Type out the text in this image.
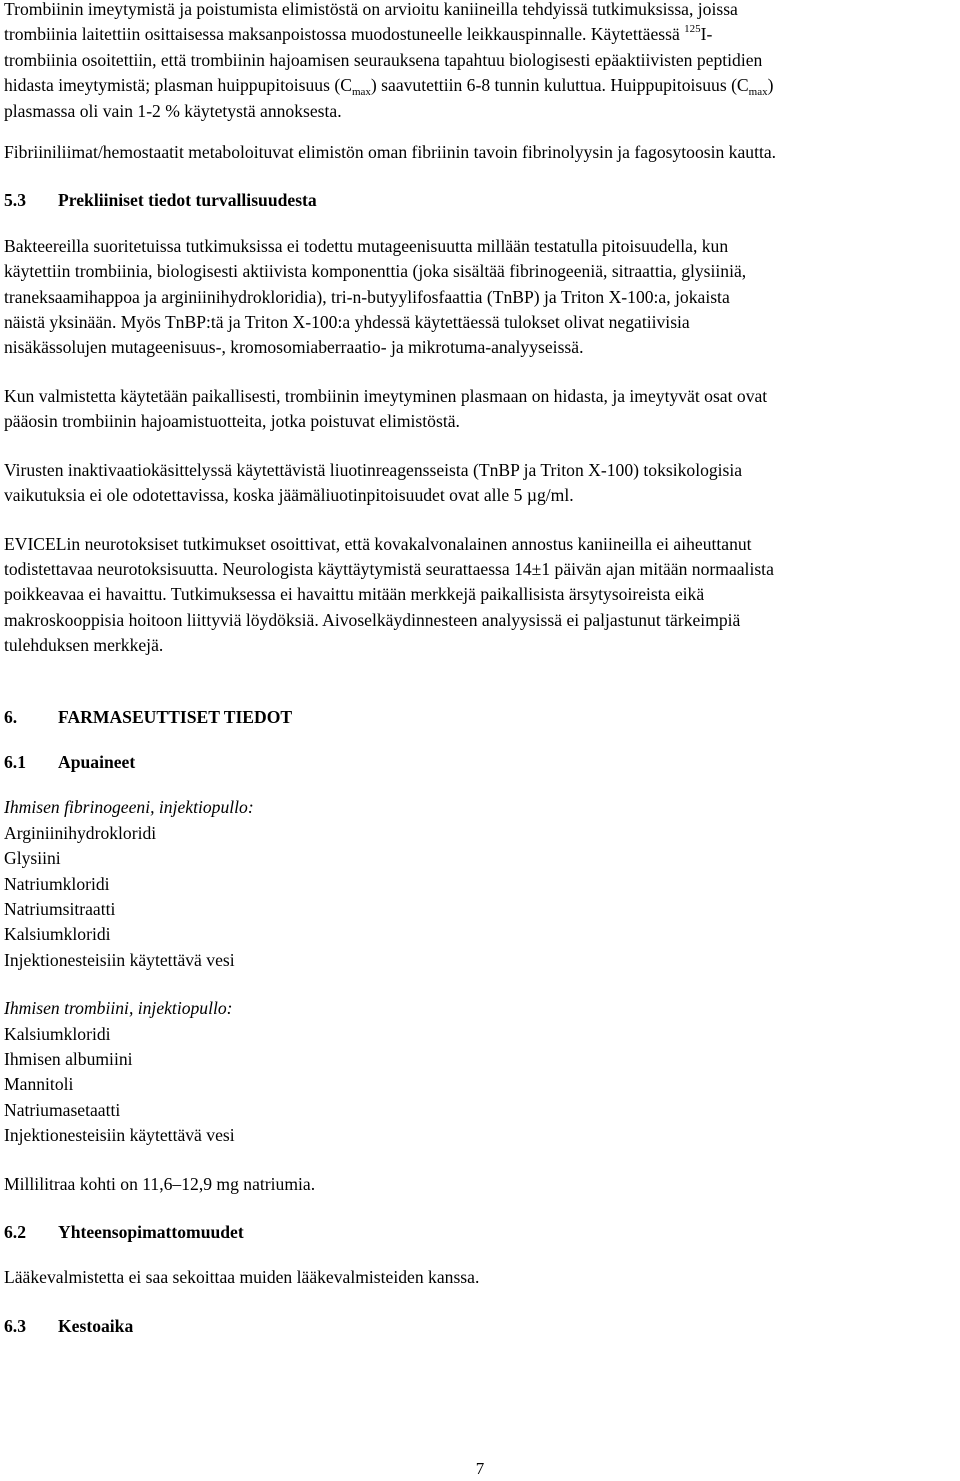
Trombiinin imeytymistä ja poistumista elimistöstä on arvioitu kaniineilla tehdyissä tutkimuksissa, joissa

trombiinia laitettiin osittaisessa maksanpoistossa muodostuneelle leikkauspinnalle. Käytettäessä $^{125}$I-

trombiinia osoitettiin, että trombiinin hajoamisen seurauksena tapahtuu biologisesti epäaktiivisten peptidien

hidasta imeytymistä; plasman huippupitoisuus $(C_{max})$ saavutettiin 6-8 tunnin kuluttua. Huippupitoisuus $(C_{max})$

plasmassa oli vain 1-2 % käytetystä annoksesta.

Fibriiniliimat/hemostaatit metaboloituvat elimistön oman fibriinin tavoin fibrinolyysin ja fagosytoosin kautta.

5.3	Prekliiniset tiedot turvallisuudesta

Bakteereilla suoritetuissa tutkimuksissa ei todettu mutageenisuutta millään testatulla pitoisuudella, kun
käytettiin trombiinia, biologisesti aktiivista komponenttia (joka sisältää fibrinogeeniä, sitraattia, glysiiniä,
traneksaamihappoa ja arginiinihydrokloridia), tri-n-butyylifosfaattia (TnBP) ja Triton X-100:a, jokaista
näistä yksinään. Myös TnBP:tä ja Triton X-100:a yhdessä käytettäessä tulokset olivat negatiivisia
nisäkässolujen mutageenisuus-, kromosomiaberraatio- ja mikrotuma-analyyseissä.

Kun valmistetta käytetään paikallisesti, trombiinin imeytyminen plasmaan on hidasta, ja imeytyvät osat ovat
pääosin trombiinin hajoamistuotteita, jotka poistuvat elimistöstä.

Virusten inaktivaatiokäsittelyssä käytettävistä liuotinreagensseista (TnBP ja Triton X-100) toksikologisia
vaikutuksia ei ole odotettavissa, koska jäämäliuotinpitoisuudet ovat alle 5 µg/ml.

EVICELin neurotoksiset tutkimukset osoittivat, että kovakalvonalainen annostus kaniineilla ei aiheuttanut
todistettavaa neurotoksisuutta. Neurologista käyttäytymistä seurattaessa 14±1 päivän ajan mitään normaalista
poikkeavaa ei havaittu. Tutkimuksessa ei havaittu mitään merkkejä paikallisista ärsytysoireista eikä
makroskooppisia hoitoon liittyviä löydöksiä. Aivoselkäydinnesteen analyysissä ei paljastunut tärkeimpiä
tulehduksen merkkejä.

6.	FARMASEUTTISET TIEDOT
6.1	Apuaineet
Ihmisen fibrinogeeni, injektiopullo:
Arginiinihydrokloridi
Glysiini
Natriumkloridi
Natriumsitraatti
Kalsiumkloridi
Injektionesteisiin käytettävä vesi
Ihmisen trombiini, injektiopullo:
Kalsiumkloridi
Ihmisen albumiini
Mannitoli
Natriumasetaatti
Injektionesteisiin käytettävä vesi

Millilitraa kohti on 11,6–12,9 mg natriumia.

6.2	Yhteensopimattomuudet

Lääkevalmistetta ei saa sekoittaa muiden lääkevalmisteiden kanssa.

6.3	Kestoaika
7
